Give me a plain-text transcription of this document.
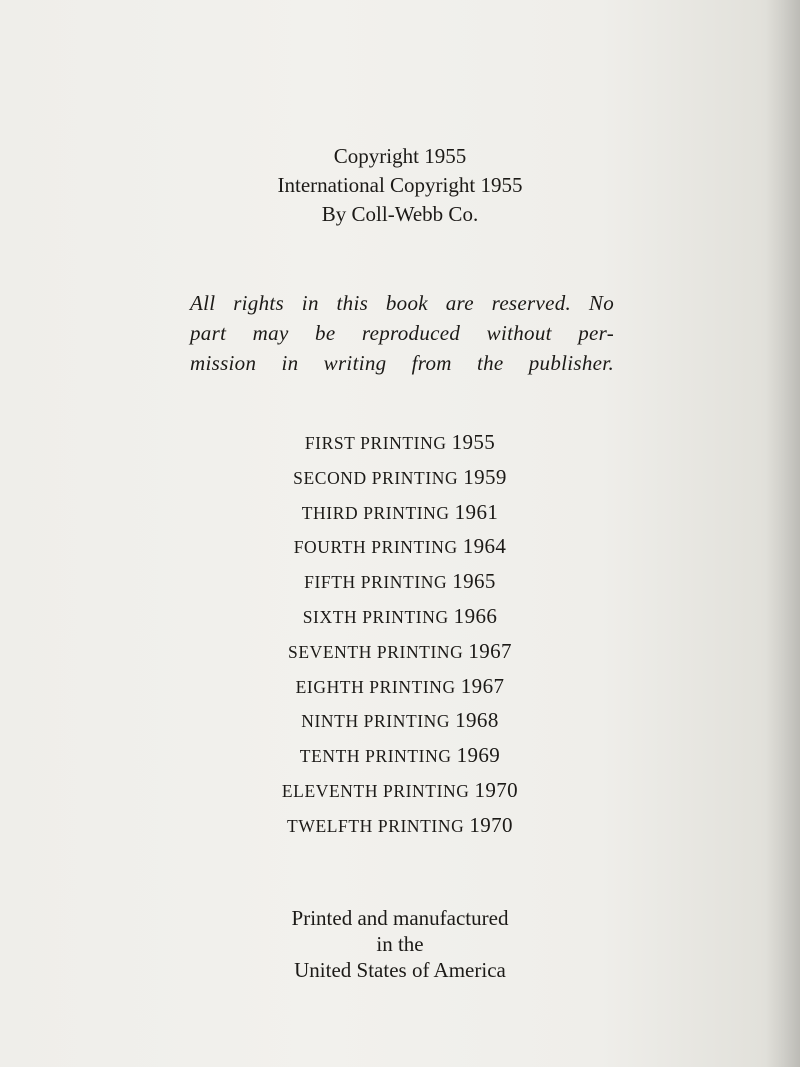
Copyright 1955
International Copyright 1955
By Coll-Webb Co.
All rights in this book are reserved. No
part may be reproduced without per-
mission in writing from the publisher.
FIRST PRINTING 1955
SECOND PRINTING 1959
THIRD PRINTING 1961
FOURTH PRINTING 1964
FIFTH PRINTING 1965
SIXTH PRINTING 1966
SEVENTH PRINTING 1967
EIGHTH PRINTING 1967
NINTH PRINTING 1968
TENTH PRINTING 1969
ELEVENTH PRINTING 1970
TWELFTH PRINTING 1970
Printed and manufactured
in the
United States of America
